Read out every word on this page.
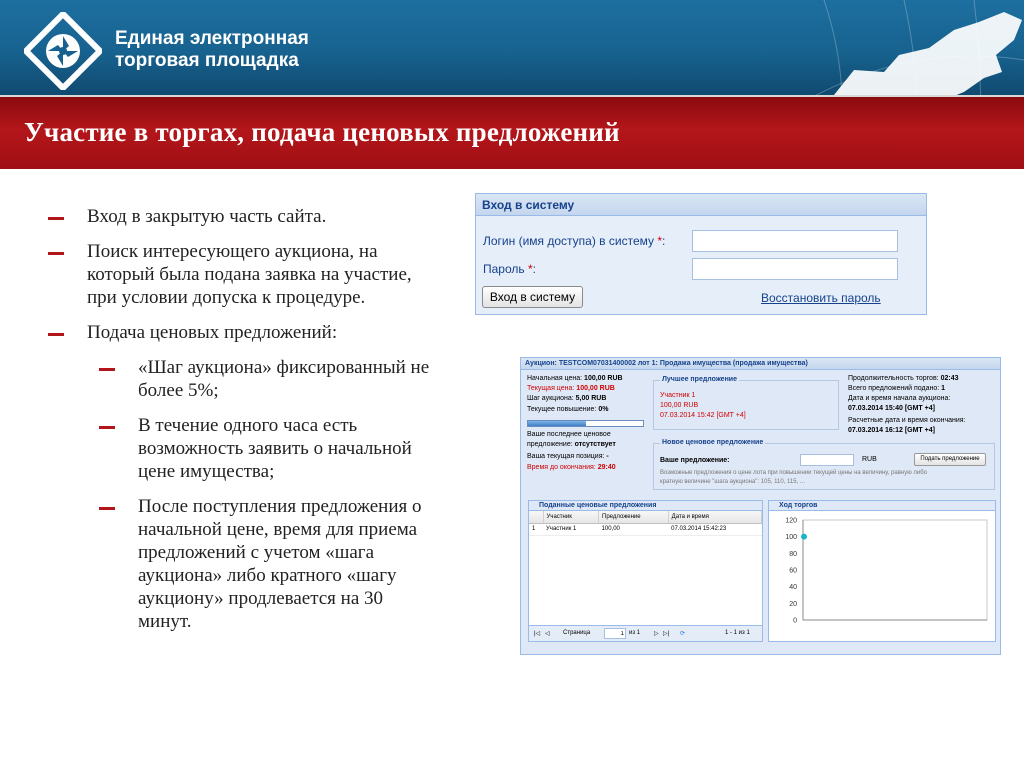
Единая электронная
торговая площадка
Участие в торгах, подача ценовых предложений
Вход в закрытую часть сайта.
Поиск интересующего аукциона, на который была подана заявка на участие, при условии допуска к процедуре.
Подача ценовых предложений:
«Шаг аукциона» фиксированный не более 5%;
В течение одного часа есть возможность заявить о начальной цене имущества;
После поступления предложения о начальной цене, время для приема предложений с учетом «шага аукциона» либо кратного «шагу аукциону» продлевается на 30 минут.
Вход в систему
Логин (имя доступа) в систему *:
Пароль *:
Вход в систему	Восстановить пароль
Аукцион: TESTCOM07031400002 лот 1: Продажа имущества (продажа имущества)
Начальная цена: 100,00 RUB
Текущая цена: 100,00 RUB
Шаг аукциона: 5,00 RUB
Текущее повышение: 0%
Ваше последнее ценовое
предложение: отсутствует
Ваша текущая позиция: -
Время до окончания: 29:40
Лучшее предложение
Участник 1
100,00 RUB
07.03.2014 15:42 [GMT +4]
Продолжительность торгов: 02:43
Всего предложений подано: 1
Дата и время начала аукциона:
07.03.2014 15:40 [GMT +4]
Расчетные дата и время окончания:
07.03.2014 16:12 [GMT +4]
Новое ценовое предложение
Ваше предложение:	RUB	Подать предложение
Возможные предложения о цене лота при повышении текущей цены на величину, равную либо
кратную величине "шага аукциона": 105, 110, 115, ...
Поданные ценовые предложения
	Участник	Предложение	Дата и время
1	Участник 1	100,00	07.03.2014 15:42:23
|◁ ◁ Страница
1	из 1 ▷ ▷| ⟳	1 - 1 из 1
Ход торгов
120
100
80
60
40
20
0
